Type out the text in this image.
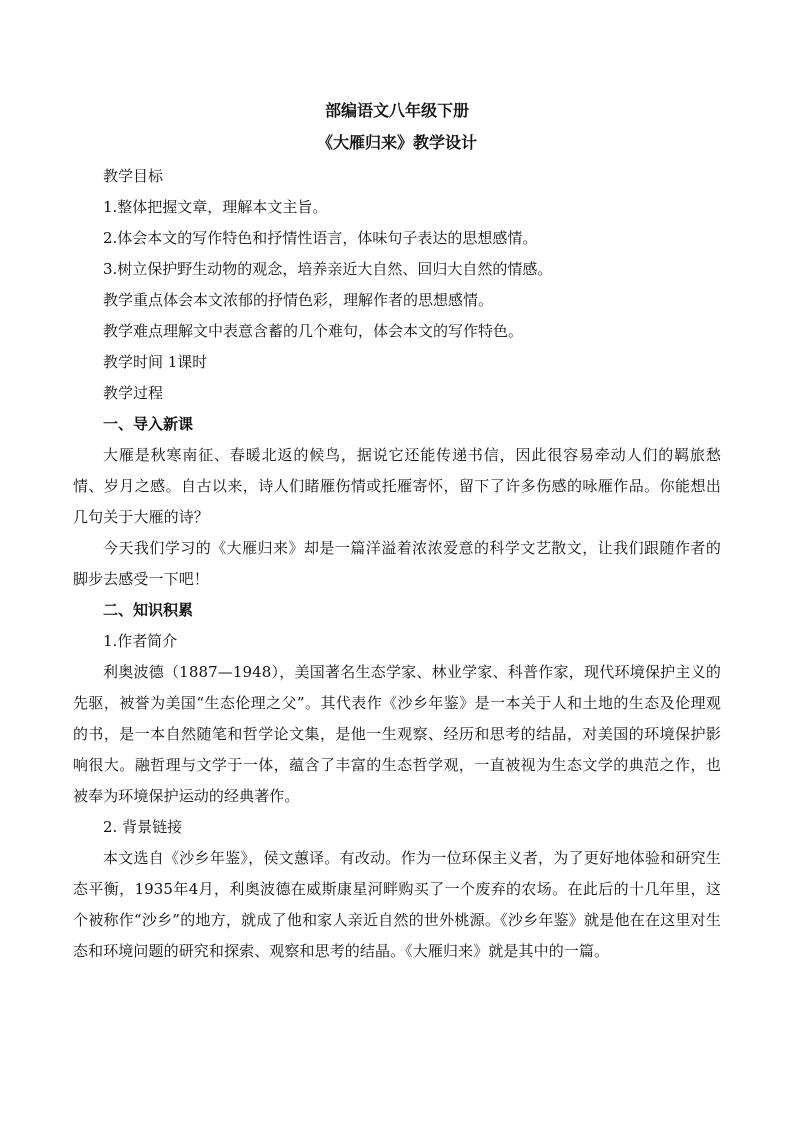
部编语文八年级下册

《大雁归来》教学设计

教学目标

1.整体把握文章，理解本文主旨。

2.体会本文的写作特色和抒情性语言，体味句子表达的思想感情。

3.树立保护野生动物的观念，培养亲近大自然、回归大自然的情感。

教学重点体会本文浓郁的抒情色彩，理解作者的思想感情。

教学难点理解文中表意含蓄的几个难句，体会本文的写作特色。

教学时间 1课时

教学过程

一、导入新课

大雁是秋寒南征、春暖北返的候鸟，据说它还能传递书信，因此很容易牵动人们的羁旅愁情、岁月之感。自古以来，诗人们睹雁伤情或托雁寄怀，留下了许多伤感的咏雁作品。你能想出几句关于大雁的诗？

今天我们学习的《大雁归来》却是一篇洋溢着浓浓爱意的科学文艺散文，让我们跟随作者的脚步去感受一下吧！

二、知识积累

1.作者简介

利奥波德（1887—1948），美国著名生态学家、林业学家、科普作家，现代环境保护主义的先驱，被誉为美国“生态伦理之父”。其代表作《沙乡年鉴》是一本关于人和土地的生态及伦理观的书，是一本自然随笔和哲学论文集，是他一生观察、经历和思考的结晶，对美国的环境保护影响很大。融哲理与文学于一体，蕴含了丰富的生态哲学观，一直被视为生态文学的典范之作，也被奉为环境保护运动的经典著作。

2. 背景链接

本文选自《沙乡年鉴》，侯文蕙译。有改动。作为一位环保主义者，为了更好地体验和研究生态平衡，1935年4月，利奥波德在威斯康星河畔购买了一个废弃的农场。在此后的十几年里，这个被称作“沙乡”的地方，就成了他和家人亲近自然的世外桃源。《沙乡年鉴》就是他在在这里对生态和环境问题的研究和探索、观察和思考的结晶。《大雁归来》就是其中的一篇。
